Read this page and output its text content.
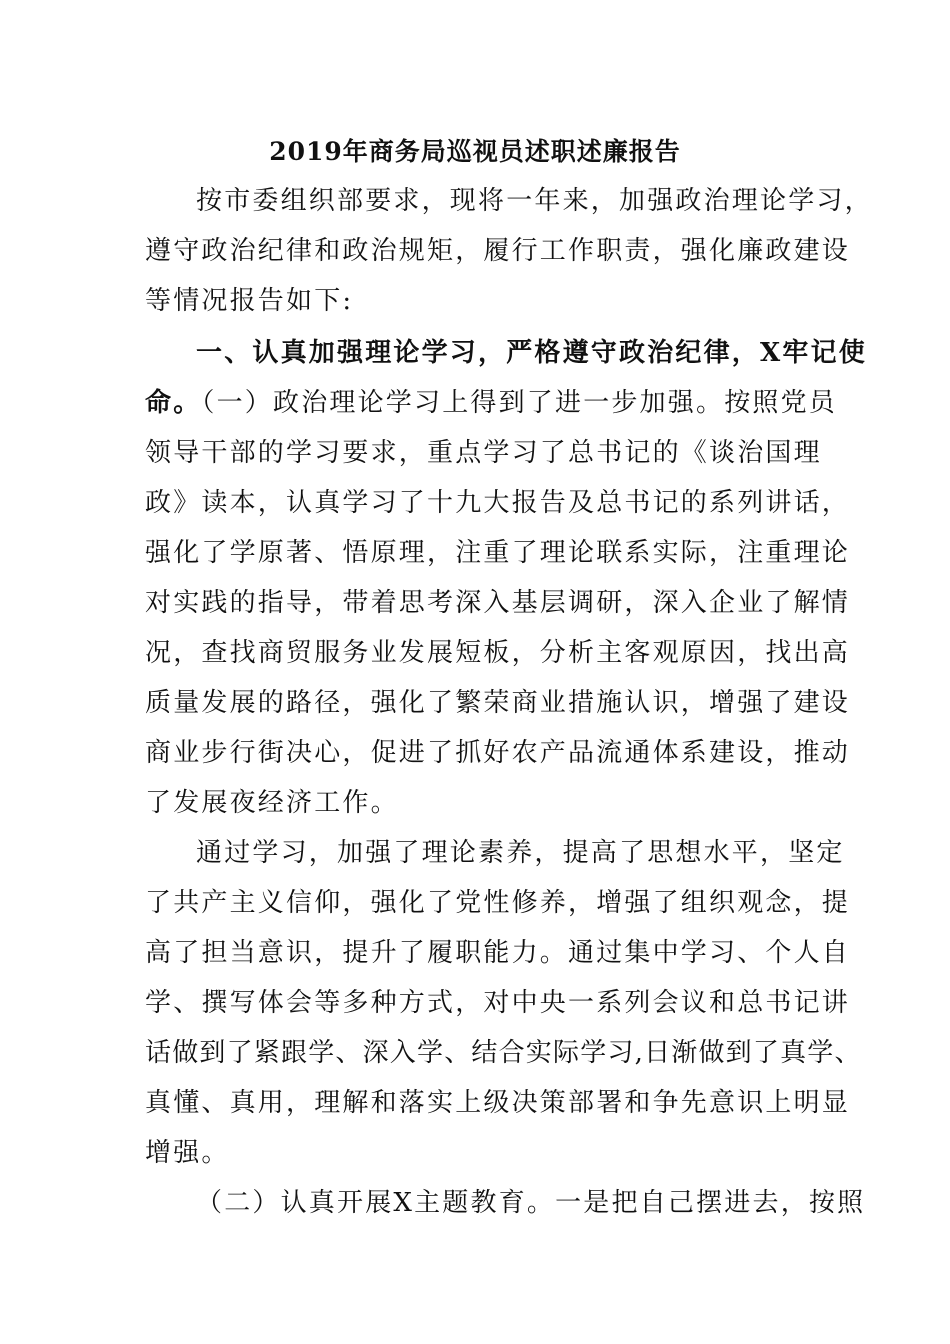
2019年商务局巡视员述职述廉报告
按市委组织部要求，现将一年来，加强政治理论学习，
遵守政治纪律和政治规矩，履行工作职责，强化廉政建设
等情况报告如下:
一、认真加强理论学习，严格遵守政治纪律，X牢记使
命。（一）政治理论学习上得到了进一步加强。按照党员
领导干部的学习要求，重点学习了总书记的《谈治国理
政》读本，认真学习了十九大报告及总书记的系列讲话，
强化了学原著、悟原理，注重了理论联系实际，注重理论
对实践的指导，带着思考深入基层调研，深入企业了解情
况，查找商贸服务业发展短板，分析主客观原因，找出高
质量发展的路径，强化了繁荣商业措施认识，增强了建设
商业步行街决心，促进了抓好农产品流通体系建设，推动
了发展夜经济工作。
通过学习，加强了理论素养，提高了思想水平，坚定
了共产主义信仰，强化了党性修养，增强了组织观念，提
高了担当意识，提升了履职能力。通过集中学习、个人自
学、撰写体会等多种方式，对中央一系列会议和总书记讲
话做到了紧跟学、深入学、结合实际学习,日渐做到了真学、
真懂、真用，理解和落实上级决策部署和争先意识上明显
增强。
（二）认真开展X主题教育。一是把自己摆进去，按照
